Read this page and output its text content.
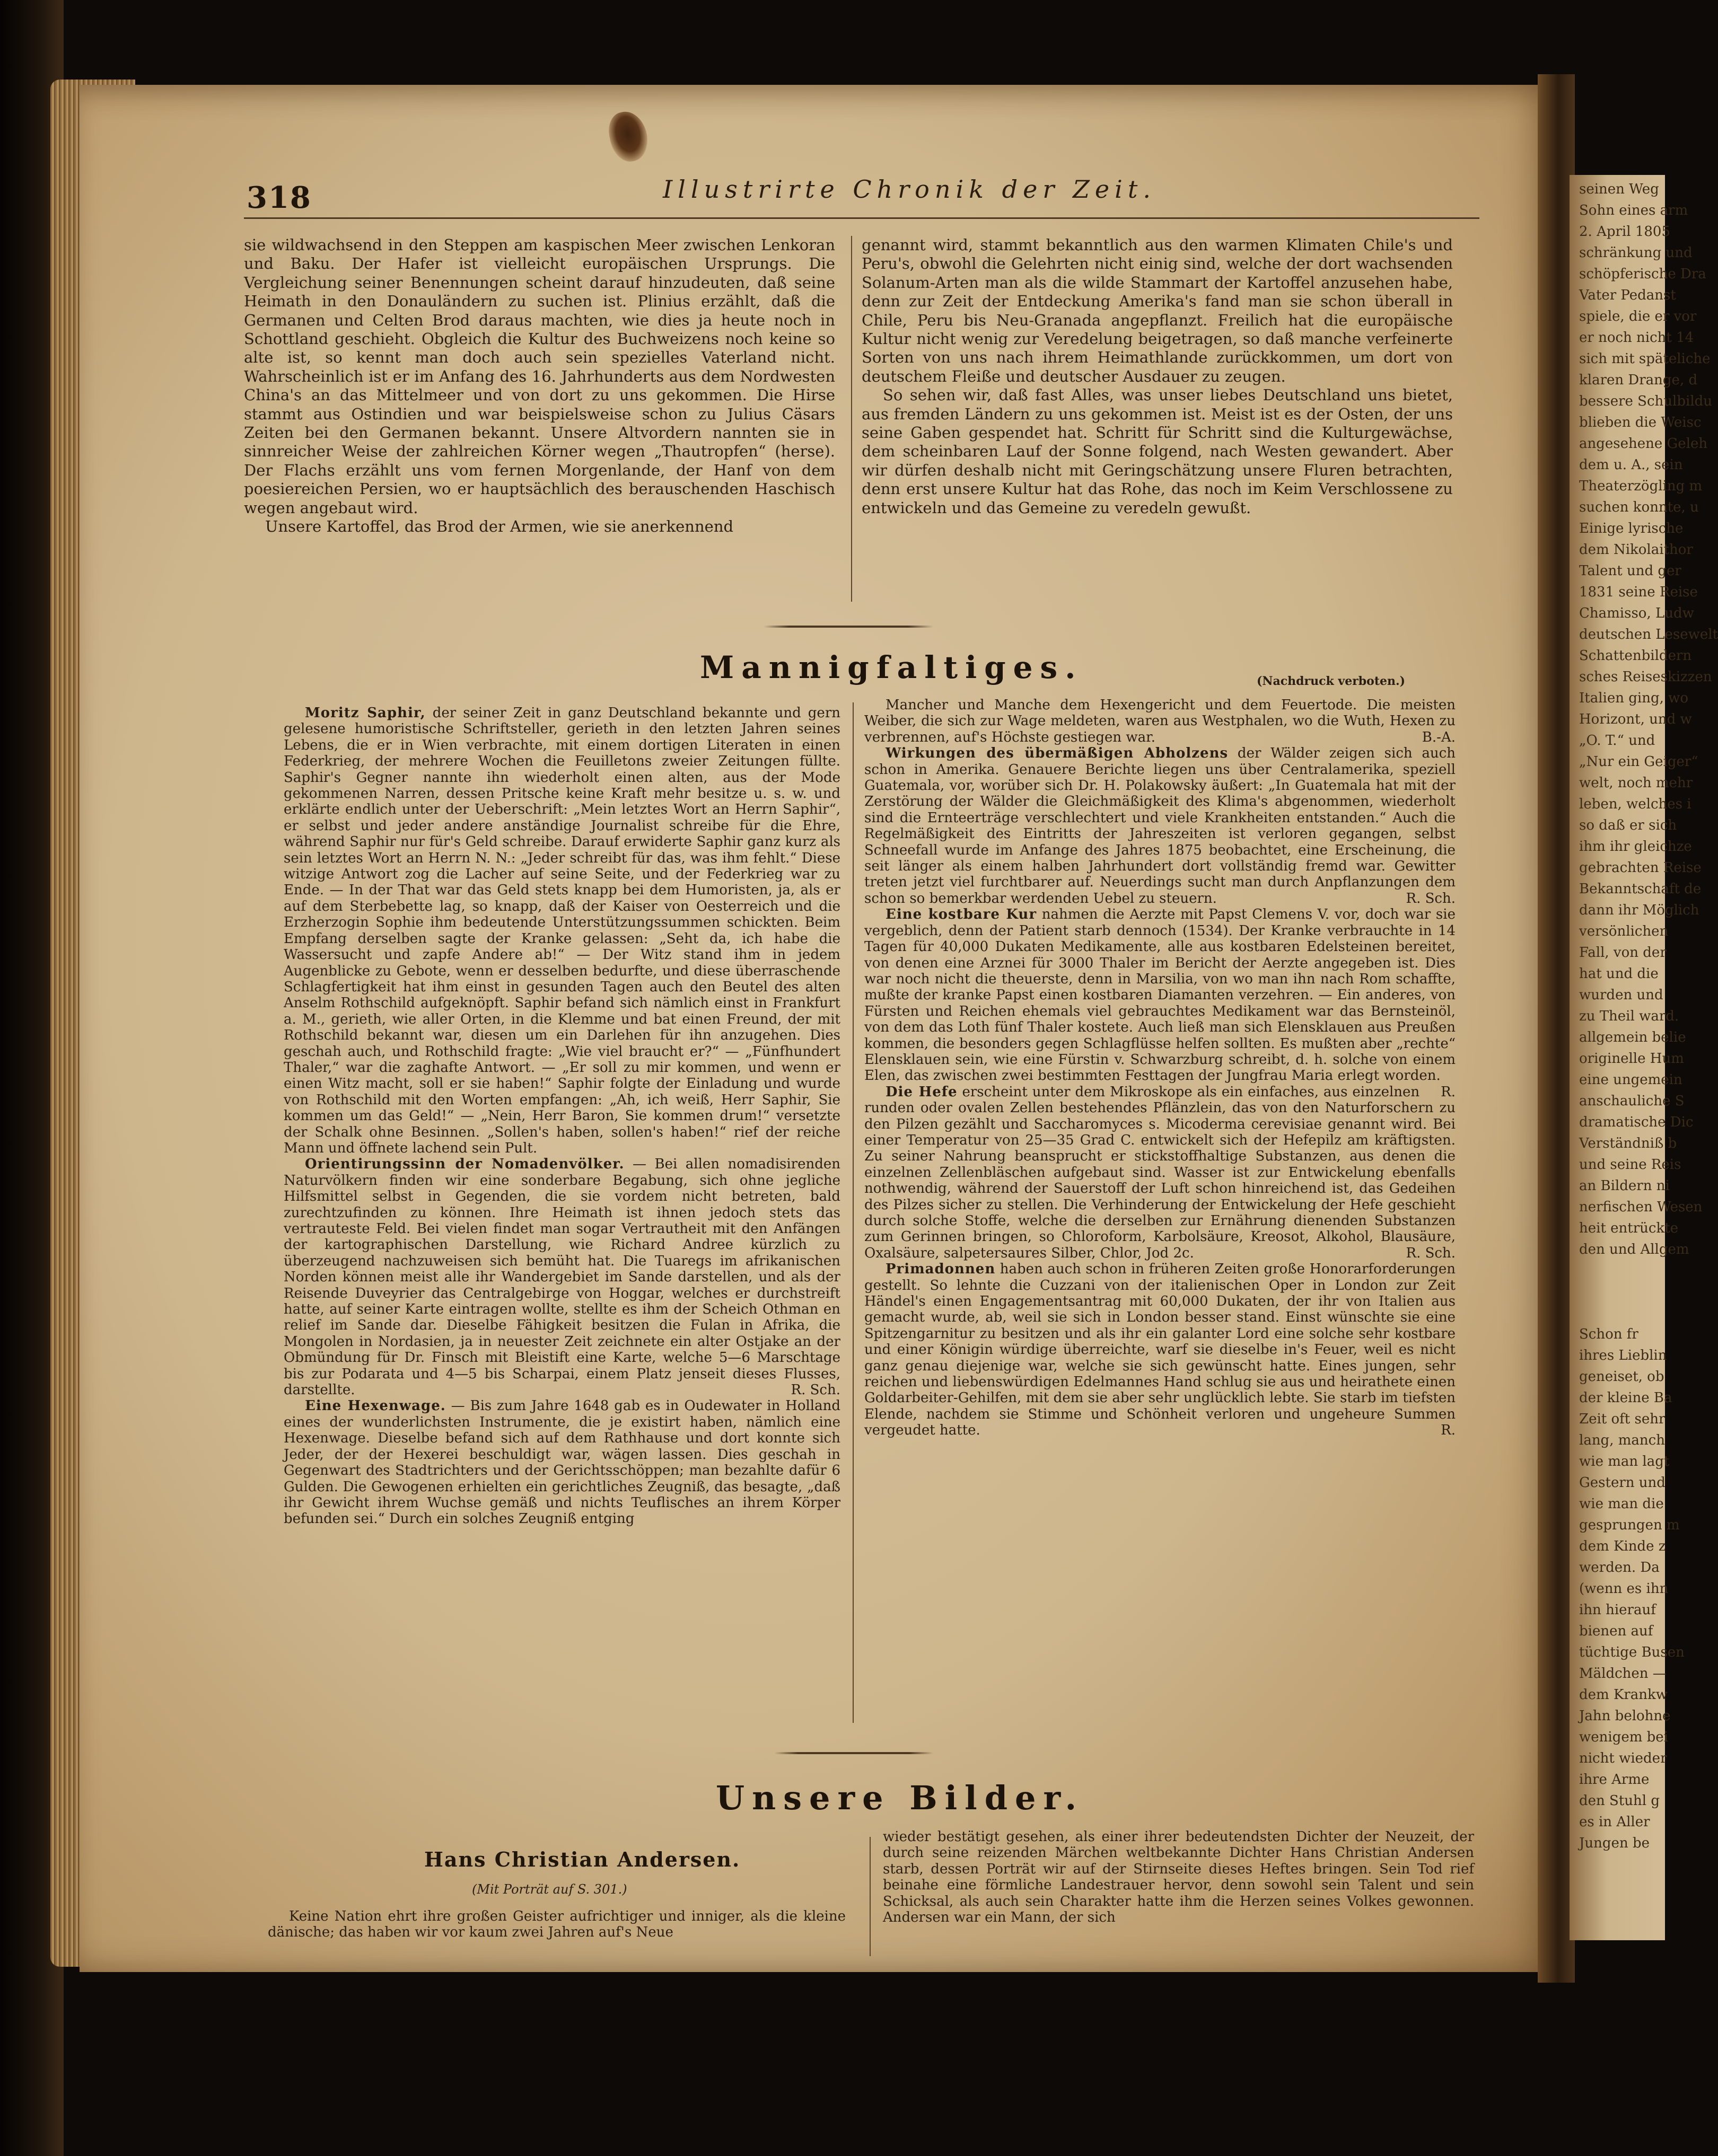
seinen Weg
Sohn eines arm
2. April 1805
schränkung und
schöpferische Dra
Vater Pedanst
spiele, die er vor
er noch nicht 14
sich mit späteliche
klaren Drange, d
bessere Schulbildu
blieben die Weisc
angesehene Geleh
dem u. A., sein
Theaterzögling m
suchen konnte, u
Einige lyrische
dem Nikolaithor
Talent und ger
1831 seine Reise
Chamisso, Ludw
deutschen Lesewelt
Schattenbildern
sches Reiseskizzen
Italien ging, wo
Horizont, und w
„O. T.“ und
„Nur ein Geiger“
welt, noch mehr
leben, welches i
so daß er sich
ihm ihr gleichze
gebrachten Reise
Bekanntschaft de
dann ihr Möglich
versönlichen
Fall, von der
hat und die
wurden und
zu Theil ward.
allgemein belie
originelle Hum
eine ungemein
anschauliche S
dramatische Dic
Verständniß b
und seine Reis
an Bildern ni
nerfischen Wesen
heit entrückte
den und Allgem
Schon fr
ihres Lieblin
geneiset, ob
der kleine Ba
Zeit oft sehr
lang, manch
wie man lagt
Gestern und
wie man die
gesprungen m
dem Kinde z
werden. Da
(wenn es ihn
ihn hierauf
bienen auf
tüchtige Busen
Mäldchen —
dem Krankw
Jahn belohne
wenigem bei
nicht wieder
ihre Arme
den Stuhl g
es in Aller
Jungen be
318	Illustrirte Chronik der Zeit.

sie wildwachsend in den Steppen am kaspischen Meer zwischen Lenkoran und Baku. Der Hafer ist vielleicht europäischen Ursprungs. Die Vergleichung seiner Benennungen scheint darauf hinzudeuten, daß seine Heimath in den Donauländern zu suchen ist. Plinius erzählt, daß die Germanen und Celten Brod daraus machten, wie dies ja heute noch in Schottland geschieht. Obgleich die Kultur des Buchweizens noch keine so alte ist, so kennt man doch auch sein spezielles Vaterland nicht. Wahrscheinlich ist er im Anfang des 16. Jahrhunderts aus dem Nordwesten China's an das Mittelmeer und von dort zu uns gekommen. Die Hirse stammt aus Ostindien und war beispielsweise schon zu Julius Cäsars Zeiten bei den Germanen bekannt. Unsere Altvordern nannten sie in sinnreicher Weise der zahlreichen Körner wegen „Thautropfen“ (herse). Der Flachs erzählt uns vom fernen Morgenlande, der Hanf von dem poesiereichen Persien, wo er hauptsächlich des berauschenden Haschisch wegen angebaut wird.

Unsere Kartoffel, das Brod der Armen, wie sie anerkennend

genannt wird, stammt bekanntlich aus den warmen Klimaten Chile's und Peru's, obwohl die Gelehrten nicht einig sind, welche der dort wachsenden Solanum-Arten man als die wilde Stammart der Kartoffel anzusehen habe, denn zur Zeit der Entdeckung Amerika's fand man sie schon überall in Chile, Peru bis Neu-Granada angepflanzt. Freilich hat die europäische Kultur nicht wenig zur Veredelung beigetragen, so daß manche verfeinerte Sorten von uns nach ihrem Heimathlande zurückkommen, um dort von deutschem Fleiße und deutscher Ausdauer zu zeugen.

So sehen wir, daß fast Alles, was unser liebes Deutschland uns bietet, aus fremden Ländern zu uns gekommen ist. Meist ist es der Osten, der uns seine Gaben gespendet hat. Schritt für Schritt sind die Kulturgewächse, dem scheinbaren Lauf der Sonne folgend, nach Westen gewandert. Aber wir dürfen deshalb nicht mit Geringschätzung unsere Fluren betrachten, denn erst unsere Kultur hat das Rohe, das noch im Keim Verschlossene zu entwickeln und das Gemeine zu veredeln gewußt.

Mannigfaltiges.	(Nachdruck verboten.)

Moritz Saphir, der seiner Zeit in ganz Deutschland bekannte und gern gelesene humoristische Schriftsteller, gerieth in den letzten Jahren seines Lebens, die er in Wien verbrachte, mit einem dortigen Literaten in einen Federkrieg, der mehrere Wochen die Feuilletons zweier Zeitungen füllte. Saphir's Gegner nannte ihn wiederholt einen alten, aus der Mode gekommenen Narren, dessen Pritsche keine Kraft mehr besitze u. s. w. und erklärte endlich unter der Ueberschrift: „Mein letztes Wort an Herrn Saphir“, er selbst und jeder andere anständige Journalist schreibe für die Ehre, während Saphir nur für's Geld schreibe. Darauf erwiderte Saphir ganz kurz als sein letztes Wort an Herrn N. N.: „Jeder schreibt für das, was ihm fehlt.“ Diese witzige Antwort zog die Lacher auf seine Seite, und der Federkrieg war zu Ende. — In der That war das Geld stets knapp bei dem Humoristen, ja, als er auf dem Sterbebette lag, so knapp, daß der Kaiser von Oesterreich und die Erzherzogin Sophie ihm bedeutende Unterstützungssummen schickten. Beim Empfang derselben sagte der Kranke gelassen: „Seht da, ich habe die Wassersucht und zapfe Andere ab!“ — Der Witz stand ihm in jedem Augenblicke zu Gebote, wenn er desselben bedurfte, und diese überraschende Schlagfertigkeit hat ihm einst in gesunden Tagen auch den Beutel des alten Anselm Rothschild aufgeknöpft. Saphir befand sich nämlich einst in Frankfurt a. M., gerieth, wie aller Orten, in die Klemme und bat einen Freund, der mit Rothschild bekannt war, diesen um ein Darlehen für ihn anzugehen. Dies geschah auch, und Rothschild fragte: „Wie viel braucht er?“ — „Fünfhundert Thaler,“ war die zaghafte Antwort. — „Er soll zu mir kommen, und wenn er einen Witz macht, soll er sie haben!“ Saphir folgte der Einladung und wurde von Rothschild mit den Worten empfangen: „Ah, ich weiß, Herr Saphir, Sie kommen um das Geld!“ — „Nein, Herr Baron, Sie kommen drum!“ versetzte der Schalk ohne Besinnen. „Sollen's haben, sollen's haben!“ rief der reiche Mann und öffnete lachend sein Pult.

Orientirungssinn der Nomadenvölker. — Bei allen nomadisirenden Naturvölkern finden wir eine sonderbare Begabung, sich ohne jegliche Hilfsmittel selbst in Gegenden, die sie vordem nicht betreten, bald zurechtzufinden zu können. Ihre Heimath ist ihnen jedoch stets das vertrauteste Feld. Bei vielen findet man sogar Vertrautheit mit den Anfängen der kartographischen Darstellung, wie Richard Andree kürzlich zu überzeugend nachzuweisen sich bemüht hat. Die Tuaregs im afrikanischen Norden können meist alle ihr Wandergebiet im Sande darstellen, und als der Reisende Duveyrier das Centralgebirge von Hoggar, welches er durchstreift hatte, auf seiner Karte eintragen wollte, stellte es ihm der Scheich Othman en relief im Sande dar. Dieselbe Fähigkeit besitzen die Fulan in Afrika, die Mongolen in Nordasien, ja in neuester Zeit zeichnete ein alter Ostjake an der Obmündung für Dr. Finsch mit Bleistift eine Karte, welche 5—6 Marschtage bis zur Podarata und 4—5 bis Scharpai, einem Platz jenseit dieses Flusses, darstellte.	R. Sch.

Eine Hexenwage. — Bis zum Jahre 1648 gab es in Oudewater in Holland eines der wunderlichsten Instrumente, die je existirt haben, nämlich eine Hexenwage. Dieselbe befand sich auf dem Rathhause und dort konnte sich Jeder, der der Hexerei beschuldigt war, wägen lassen. Dies geschah in Gegenwart des Stadtrichters und der Gerichtsschöppen; man bezahlte dafür 6 Gulden. Die Gewogenen erhielten ein gerichtliches Zeugniß, das besagte, „daß ihr Gewicht ihrem Wuchse gemäß und nichts Teuflisches an ihrem Körper befunden sei.“ Durch ein solches Zeugniß entging

Mancher und Manche dem Hexengericht und dem Feuertode. Die meisten Weiber, die sich zur Wage meldeten, waren aus Westphalen, wo die Wuth, Hexen zu verbrennen, auf's Höchste gestiegen war.	B.-A.

Wirkungen des übermäßigen Abholzens der Wälder zeigen sich auch schon in Amerika. Genauere Berichte liegen uns über Centralamerika, speziell Guatemala, vor, worüber sich Dr. H. Polakowsky äußert: „In Guatemala hat mit der Zerstörung der Wälder die Gleichmäßigkeit des Klima's abgenommen, wiederholt sind die Ernteerträge verschlechtert und viele Krankheiten entstanden.“ Auch die Regelmäßigkeit des Eintritts der Jahreszeiten ist verloren gegangen, selbst Schneefall wurde im Anfange des Jahres 1875 beobachtet, eine Erscheinung, die seit länger als einem halben Jahrhundert dort vollständig fremd war. Gewitter treten jetzt viel furchtbarer auf. Neuerdings sucht man durch Anpflanzungen dem schon so bemerkbar werdenden Uebel zu steuern.	R. Sch.

Eine kostbare Kur nahmen die Aerzte mit Papst Clemens V. vor, doch war sie vergeblich, denn der Patient starb dennoch (1534). Der Kranke verbrauchte in 14 Tagen für 40,000 Dukaten Medikamente, alle aus kostbaren Edelsteinen bereitet, von denen eine Arznei für 3000 Thaler im Bericht der Aerzte angegeben ist. Dies war noch nicht die theuerste, denn in Marsilia, von wo man ihn nach Rom schaffte, mußte der kranke Papst einen kostbaren Diamanten verzehren. — Ein anderes, von Fürsten und Reichen ehemals viel gebrauchtes Medikament war das Bernsteinöl, von dem das Loth fünf Thaler kostete. Auch ließ man sich Elensklauen aus Preußen kommen, die besonders gegen Schlagflüsse helfen sollten. Es mußten aber „rechte“ Elensklauen sein, wie eine Fürstin v. Schwarzburg schreibt, d. h. solche von einem Elen, das zwischen zwei bestimmten Festtagen der Jungfrau Maria erlegt worden.
R.

Die Hefe erscheint unter dem Mikroskope als ein einfaches, aus einzelnen runden oder ovalen Zellen bestehendes Pflänzlein, das von den Naturforschern zu den Pilzen gezählt und Saccharomyces s. Micoderma cerevisiae genannt wird. Bei einer Temperatur von 25—35 Grad C. entwickelt sich der Hefepilz am kräftigsten. Zu seiner Nahrung beansprucht er stickstoffhaltige Substanzen, aus denen die einzelnen Zellenbläschen aufgebaut sind. Wasser ist zur Entwickelung ebenfalls nothwendig, während der Sauerstoff der Luft schon hinreichend ist, das Gedeihen des Pilzes sicher zu stellen. Die Verhinderung der Entwickelung der Hefe geschieht durch solche Stoffe, welche die derselben zur Ernährung dienenden Substanzen zum Gerinnen bringen, so Chloroform, Karbolsäure, Kreosot, Alkohol, Blausäure, Oxalsäure, salpetersaures Silber, Chlor, Jod 2c.	R. Sch.

Primadonnen haben auch schon in früheren Zeiten große Honorarforderungen gestellt. So lehnte die Cuzzani von der italienischen Oper in London zur Zeit Händel's einen Engagementsantrag mit 60,000 Dukaten, der ihr von Italien aus gemacht wurde, ab, weil sie sich in London besser stand. Einst wünschte sie eine Spitzengarnitur zu besitzen und als ihr ein galanter Lord eine solche sehr kostbare und einer Königin würdige überreichte, warf sie dieselbe in's Feuer, weil es nicht ganz genau diejenige war, welche sie sich gewünscht hatte. Eines jungen, sehr reichen und liebenswürdigen Edelmannes Hand schlug sie aus und heirathete einen Goldarbeiter-Gehilfen, mit dem sie aber sehr unglücklich lebte. Sie starb im tiefsten Elende, nachdem sie Stimme und Schönheit verloren und ungeheure Summen vergeudet hatte.	R.

Unsere Bilder.
Hans Christian Andersen.
(Mit Porträt auf S. 301.)

Keine Nation ehrt ihre großen Geister aufrichtiger und inniger, als die kleine dänische; das haben wir vor kaum zwei Jahren auf's Neue

wieder bestätigt gesehen, als einer ihrer bedeutendsten Dichter der Neuzeit, der durch seine reizenden Märchen weltbekannte Dichter Hans Christian Andersen starb, dessen Porträt wir auf der Stirnseite dieses Heftes bringen. Sein Tod rief beinahe eine förmliche Landestrauer hervor, denn sowohl sein Talent und sein Schicksal, als auch sein Charakter hatte ihm die Herzen seines Volkes gewonnen. Andersen war ein Mann, der sich
